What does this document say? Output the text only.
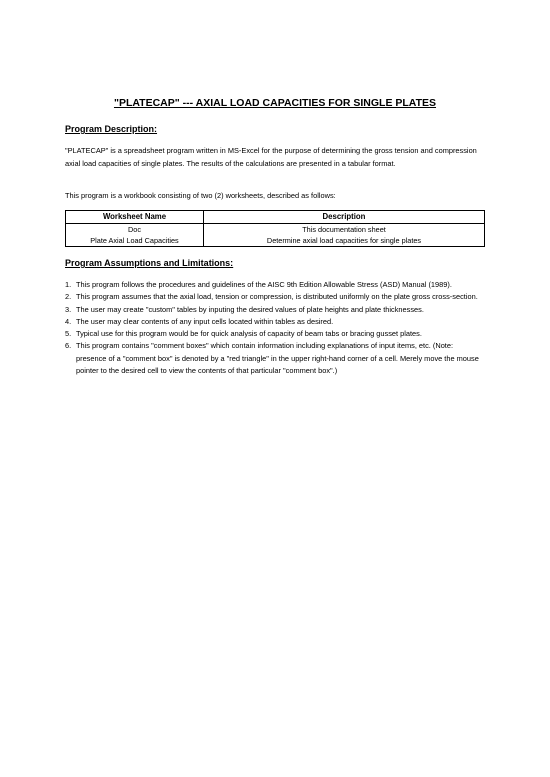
"PLATECAP" --- AXIAL LOAD CAPACITIES FOR SINGLE PLATES
Program Description:
"PLATECAP" is a spreadsheet program written in MS-Excel for the purpose of determining the gross tension and compression axial load capacities of single plates. The results of the calculations are presented in a tabular format.
This program is a workbook consisting of two (2) worksheets, described as follows:
Worksheet Name	Description
Doc	This documentation sheet
Plate Axial Load Capacities	Determine axial load capacities for single plates
Program Assumptions and Limitations:
1. This program follows the procedures and guidelines of the AISC 9th Edition Allowable Stress (ASD) Manual (1989).
2. This program assumes that the axial load, tension or compression, is distributed uniformly on the plate gross cross-section.
3. The user may create "custom" tables by inputing the desired values of plate heights and plate thicknesses.
4. The user may clear contents of any input cells located within tables as desired.
5. Typical use for this program would be for quick analysis of capacity of beam tabs or bracing gusset plates.
6. This program contains "comment boxes" which contain information including explanations of input items, etc. (Note: presence of a "comment box" is denoted by a "red triangle" in the upper right-hand corner of a cell. Merely move the mouse pointer to the desired cell to view the contents of that particular "comment box".)
